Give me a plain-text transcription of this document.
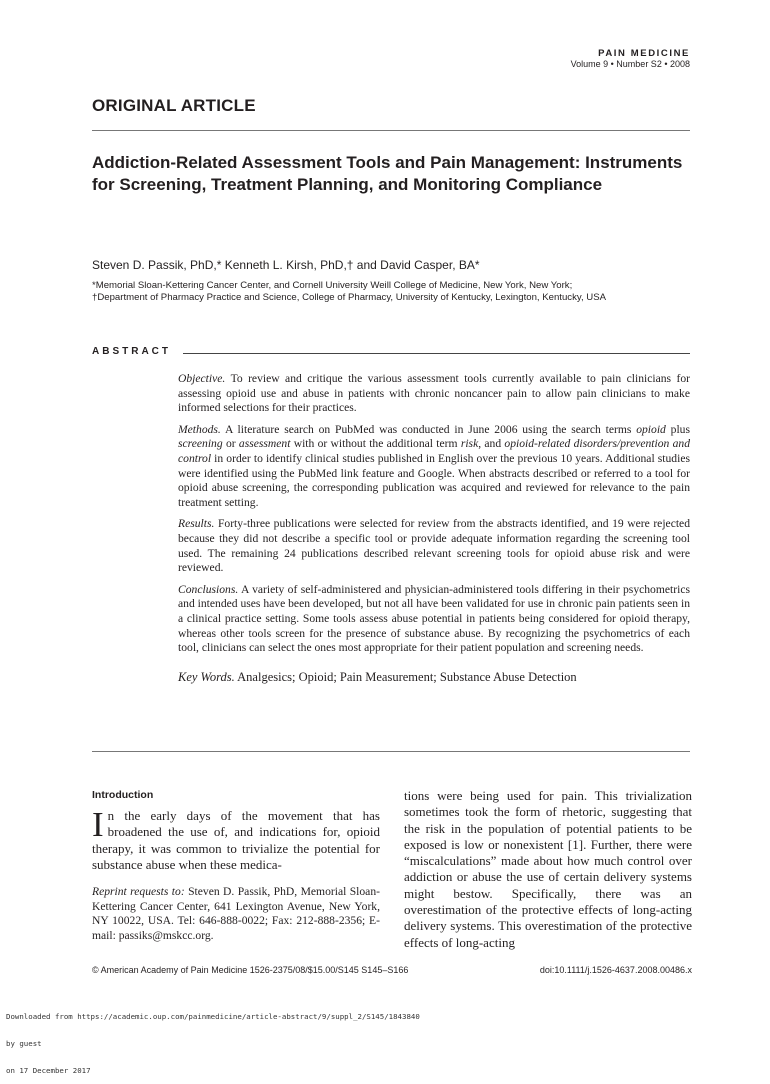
PAIN MEDICINE
Volume 9 • Number S2 • 2008
ORIGINAL ARTICLE
Addiction-Related Assessment Tools and Pain Management: Instruments for Screening, Treatment Planning, and Monitoring Compliance
Steven D. Passik, PhD,* Kenneth L. Kirsh, PhD,† and David Casper, BA*
*Memorial Sloan-Kettering Cancer Center, and Cornell University Weill College of Medicine, New York, New York;
†Department of Pharmacy Practice and Science, College of Pharmacy, University of Kentucky, Lexington, Kentucky, USA
ABSTRACT

Objective. To review and critique the various assessment tools currently available to pain clinicians for assessing opioid use and abuse in patients with chronic noncancer pain to allow pain clinicians to make informed selections for their practices.

Methods. A literature search on PubMed was conducted in June 2006 using the search terms opioid plus screening or assessment with or without the additional term risk, and opioid-related disorders/prevention and control in order to identify clinical studies published in English over the previous 10 years. Additional studies were identified using the PubMed link feature and Google. When abstracts described or referred to a tool for opioid abuse screening, the corresponding publication was acquired and reviewed for relevance to the pain treatment setting.

Results. Forty-three publications were selected for review from the abstracts identified, and 19 were rejected because they did not describe a specific tool or provide adequate information regarding the screening tool used. The remaining 24 publications described relevant screening tools for opioid abuse risk and were reviewed.

Conclusions. A variety of self-administered and physician-administered tools differing in their psychometrics and intended uses have been developed, but not all have been validated for use in chronic pain patients seen in a clinical practice setting. Some tools assess abuse potential in patients being considered for opioid therapy, whereas other tools screen for the presence of substance abuse. By recognizing the psychometrics of each tool, clinicians can select the ones most appropriate for their patient population and screening needs.

Key Words. Analgesics; Opioid; Pain Measurement; Substance Abuse Detection

Introduction
In the early days of the movement that has broadened the use of, and indications for, opioid therapy, it was common to trivialize the potential for substance abuse when these medica-
Reprint requests to: Steven D. Passik, PhD, Memorial Sloan-Kettering Cancer Center, 641 Lexington Avenue, New York, NY 10022, USA. Tel: 646-888-0022; Fax: 212-888-2356; E-mail: passiks@mskcc.org.
tions were being used for pain. This trivialization sometimes took the form of rhetoric, suggesting that the risk in the population of potential patients to be exposed is low or nonexistent [1]. Further, there were “miscalculations” made about how much control over addiction or abuse the use of certain delivery systems might bestow. Specifically, there was an overestimation of the protective effects of long-acting delivery systems. This overestimation of the protective effects of long-acting
© American Academy of Pain Medicine 1526-2375/08/$15.00/S145 S145–S166	doi:10.1111/j.1526-4637.2008.00486.x

Downloaded from https://academic.oup.com/painmedicine/article-abstract/9/suppl_2/S145/1843840

by guest

on 17 December 2017
